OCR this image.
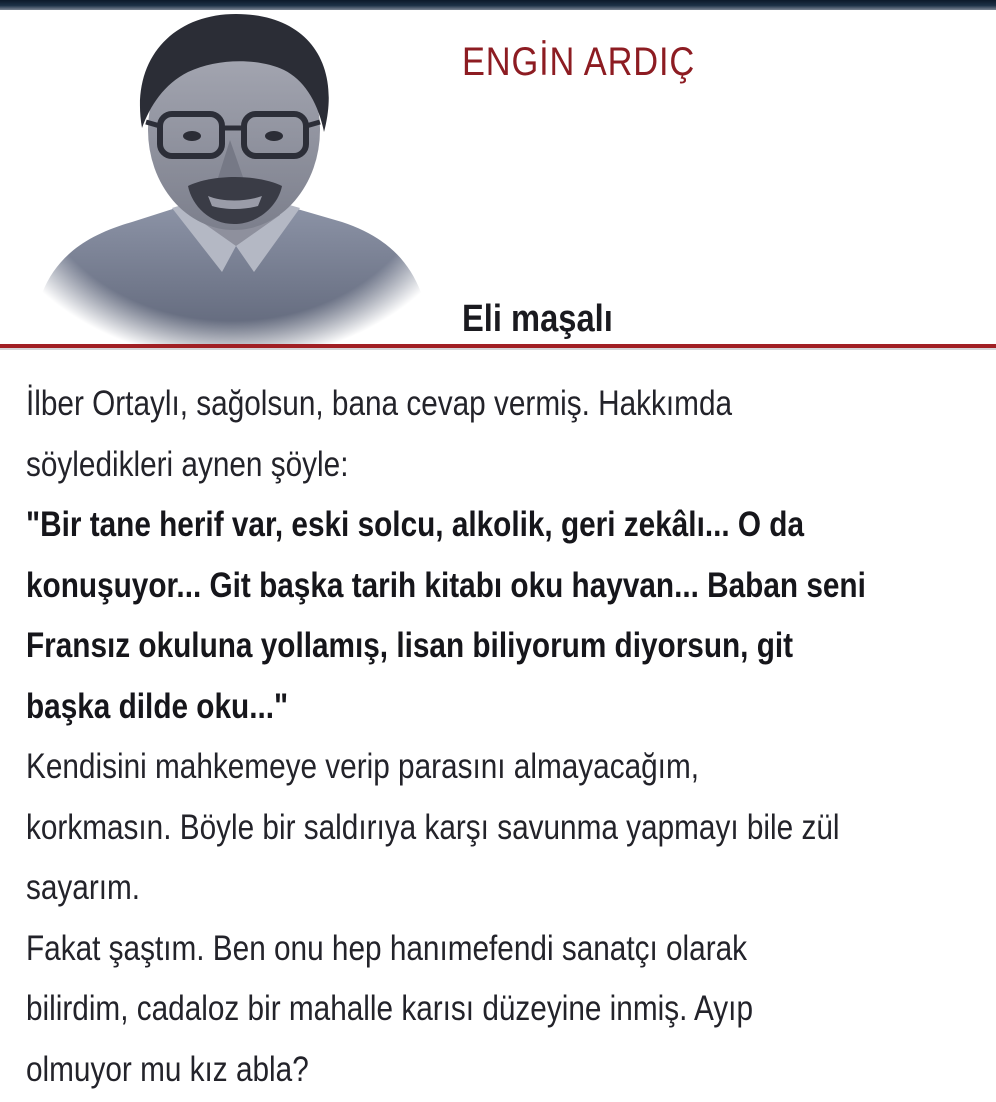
ENGİN ARDIÇ
Eli maşalı
İlber Ortaylı, sağolsun, bana cevap vermiş. Hakkımda
söyledikleri aynen şöyle:
"Bir tane herif var, eski solcu, alkolik, geri zekâlı... O da
konuşuyor... Git başka tarih kitabı oku hayvan... Baban seni
Fransız okuluna yollamış, lisan biliyorum diyorsun, git
başka dilde oku..."
Kendisini mahkemeye verip parasını almayacağım,
korkmasın. Böyle bir saldırıya karşı savunma yapmayı bile zül
sayarım.
Fakat şaştım. Ben onu hep hanımefendi sanatçı olarak
bilirdim, cadaloz bir mahalle karısı düzeyine inmiş. Ayıp
olmuyor mu kız abla?
